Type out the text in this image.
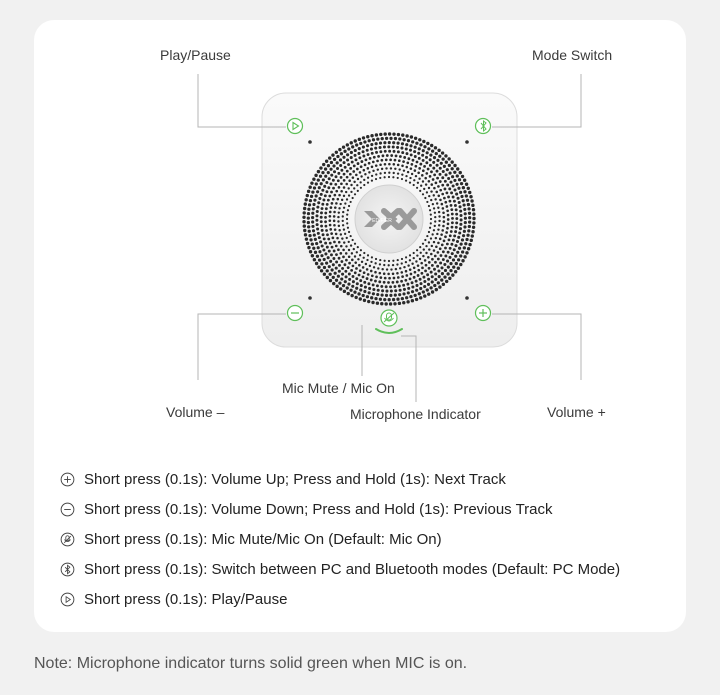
EDIFIER
Play/Pause	Mode Switch
Mic Mute / Mic On
Volume –	Microphone Indicator	Volume +
Short press (0.1s): Volume Up; Press and Hold (1s): Next Track
Short press (0.1s): Volume Down; Press and Hold (1s): Previous Track
Short press (0.1s): Mic Mute/Mic On (Default: Mic On)
Short press (0.1s): Switch between PC and Bluetooth modes (Default: PC Mode)
Short press (0.1s): Play/Pause
Note: Microphone indicator turns solid green when MIC is on.
